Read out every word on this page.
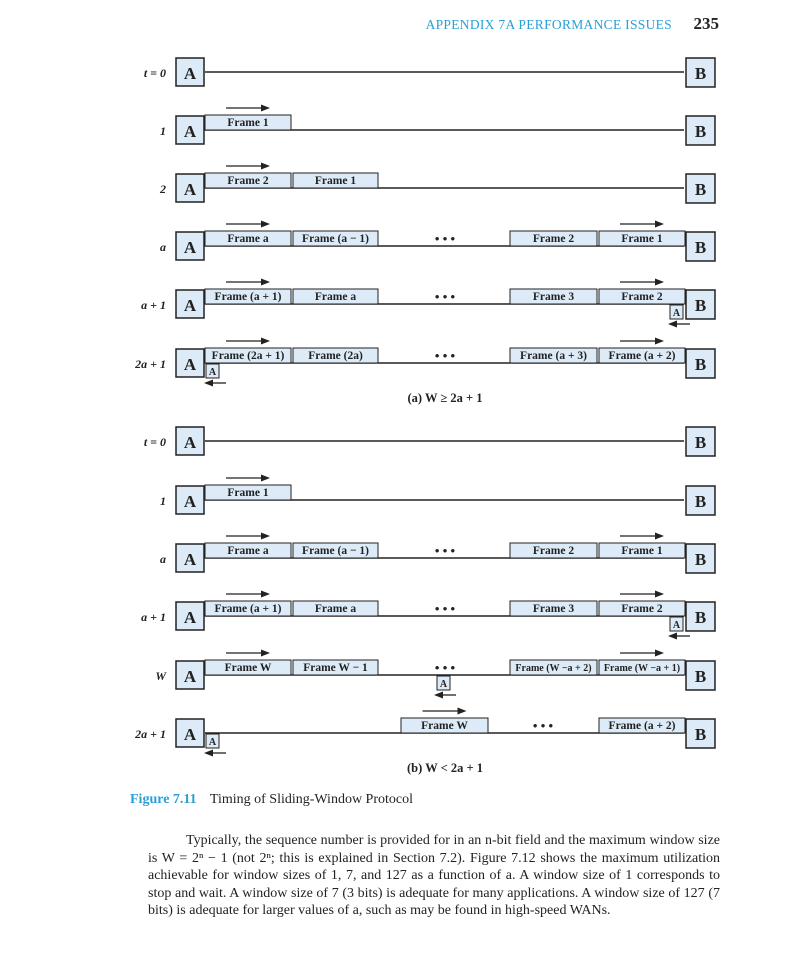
APPENDIX 7A PERFORMANCE ISSUES 235
t = 0 A	B
1 A	B
Frame 1
2 A	B
Frame 2	Frame 1
a A	B
Frame a	Frame (a − 1)	Frame 2	Frame 1
• • •
a + 1 A	B
Frame (a + 1)	Frame a	Frame 3	Frame 2
• • •
A
2a + 1 A	B
Frame (2a + 1) Frame (2a)	Frame (a + 3) Frame (a + 2)
• • •
A
(a) W ≥ 2a + 1
t = 0 A	B
1 A	B
Frame 1
a A	B
Frame a	Frame (a − 1)	Frame 2	Frame 1
• • •
a + 1 A	B
Frame (a + 1)	Frame a	Frame 3	Frame 2
• • •
A
W A	B
Frame W	Frame W − 1	Frame (W −a + 2) Frame (W −a + 1)
• • •
A
2a + 1 A	B
Frame W	Frame (a + 2)
• • •
A
(b) W < 2a + 1
Figure 7.11 Timing of Sliding-Window Protocol

Typically, the sequence number is provided for in an n-bit field and the maximum window size is W = 2ⁿ − 1 (not 2ⁿ; this is explained in Section 7.2). Figure 7.12 shows the maximum utilization achievable for window sizes of 1, 7, and 127 as a function of a. A window size of 1 corresponds to stop and wait. A window size of 7 (3 bits) is adequate for many applications. A window size of 127 (7 bits) is adequate for larger values of a, such as may be found in high-speed WANs.
